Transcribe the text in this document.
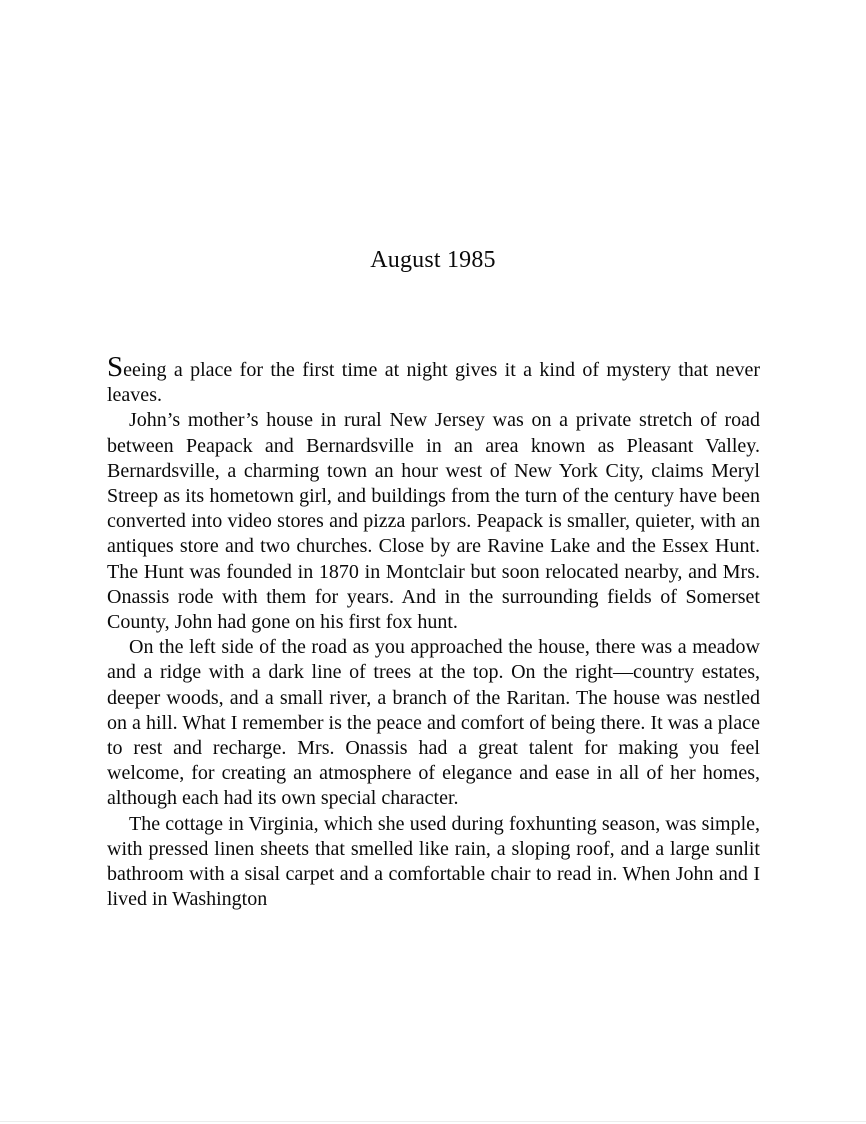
August 1985

Seeing a place for the first time at night gives it a kind of mystery that never leaves.

John’s mother’s house in rural New Jersey was on a private stretch of road between Peapack and Bernardsville in an area known as Pleasant Valley. Bernardsville, a charming town an hour west of New York City, claims Meryl Streep as its hometown girl, and buildings from the turn of the century have been converted into video stores and pizza parlors. Peapack is smaller, quieter, with an antiques store and two churches. Close by are Ravine Lake and the Essex Hunt. The Hunt was founded in 1870 in Montclair but soon relocated nearby, and Mrs. Onassis rode with them for years. And in the surrounding fields of Somerset County, John had gone on his first fox hunt.

On the left side of the road as you approached the house, there was a meadow and a ridge with a dark line of trees at the top. On the right—country estates, deeper woods, and a small river, a branch of the Raritan. The house was nestled on a hill. What I remember is the peace and comfort of being there. It was a place to rest and recharge. Mrs. Onassis had a great talent for making you feel welcome, for creating an atmosphere of elegance and ease in all of her homes, although each had its own special character.

The cottage in Virginia, which she used during foxhunting season, was simple, with pressed linen sheets that smelled like rain, a sloping roof, and a large sunlit bathroom with a sisal carpet and a comfortable chair to read in. When John and I lived in Washington
